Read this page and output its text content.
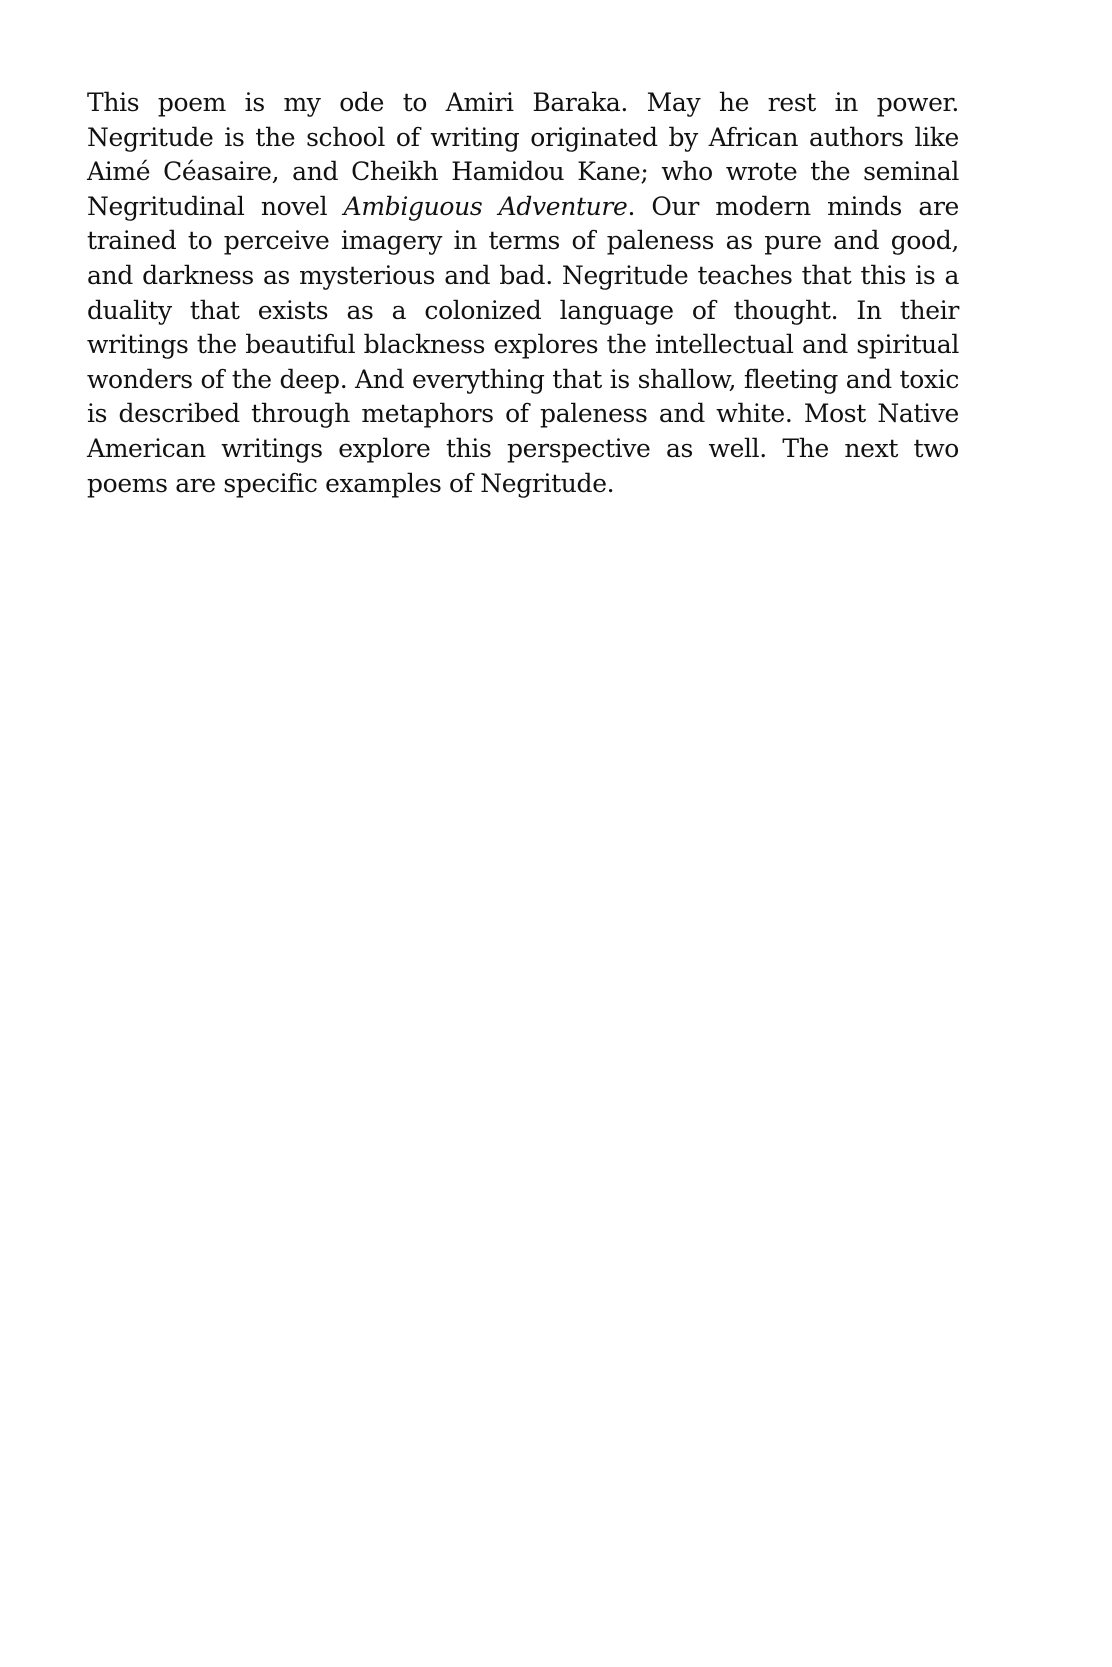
This poem is my ode to Amiri Baraka. May he rest in power. Negritude is the school of writing originated by African authors like Aimé Céasaire, and Cheikh Hamidou Kane; who wrote the seminal Negritudinal novel Ambiguous Adventure. Our modern minds are trained to perceive imagery in terms of paleness as pure and good, and darkness as mysterious and bad. Negritude teaches that this is a duality that exists as a colonized language of thought. In their writings the beautiful blackness explores the intellectual and spiritual wonders of the deep. And everything that is shallow, fleeting and toxic is described through metaphors of paleness and white. Most Native American writings explore this perspective as well. The next two poems are specific examples of Negritude.
